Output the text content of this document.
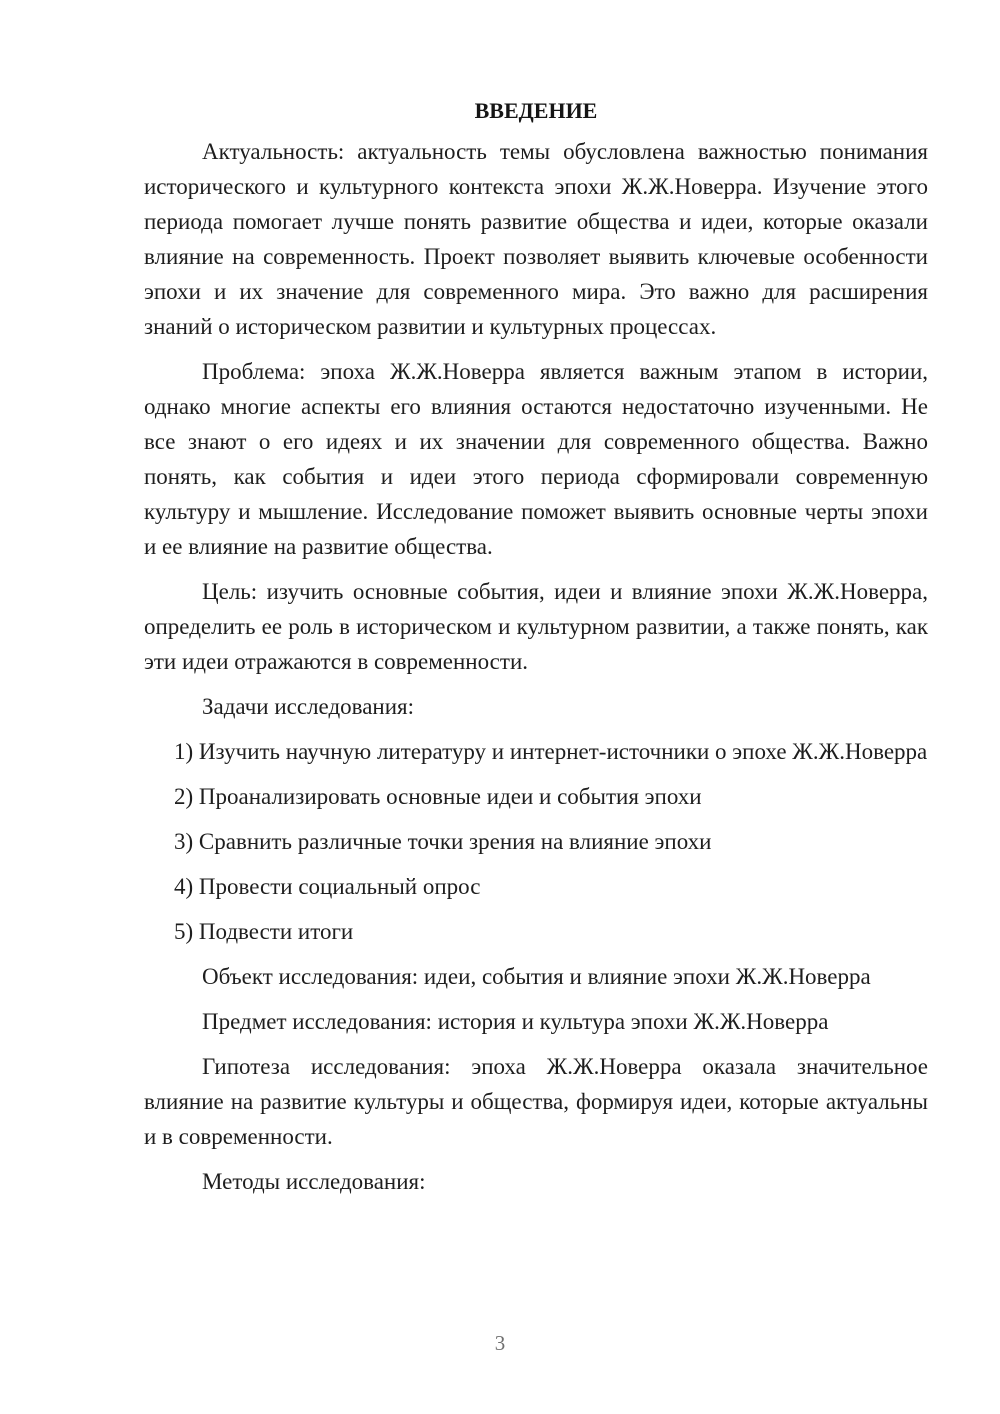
ВВЕДЕНИЕ

Актуальность: актуальность темы обусловлена важностью понимания исторического и культурного контекста эпохи Ж.Ж.Новерра. Изучение этого периода помогает лучше понять развитие общества и идеи, которые оказали влияние на современность. Проект позволяет выявить ключевые особенности эпохи и их значение для современного мира. Это важно для расширения знаний о историческом развитии и культурных процессах.

Проблема: эпоха Ж.Ж.Новерра является важным этапом в истории, однако многие аспекты его влияния остаются недостаточно изученными. Не все знают о его идеях и их значении для современного общества. Важно понять, как события и идеи этого периода сформировали современную культуру и мышление. Исследование поможет выявить основные черты эпохи и ее влияние на развитие общества.

Цель: изучить основные события, идеи и влияние эпохи Ж.Ж.Новерра, определить ее роль в историческом и культурном развитии, а также понять, как эти идеи отражаются в современности.

Задачи исследования:

1) Изучить научную литературу и интернет-источники о эпохе Ж.Ж.Новерра

2) Проанализировать основные идеи и события эпохи

3) Сравнить различные точки зрения на влияние эпохи

4) Провести социальный опрос

5) Подвести итоги

Объект исследования: идеи, события и влияние эпохи Ж.Ж.Новерра

Предмет исследования: история и культура эпохи Ж.Ж.Новерра

Гипотеза исследования: эпоха Ж.Ж.Новерра оказала значительное влияние на развитие культуры и общества, формируя идеи, которые актуальны и в современности.

Методы исследования:

3
